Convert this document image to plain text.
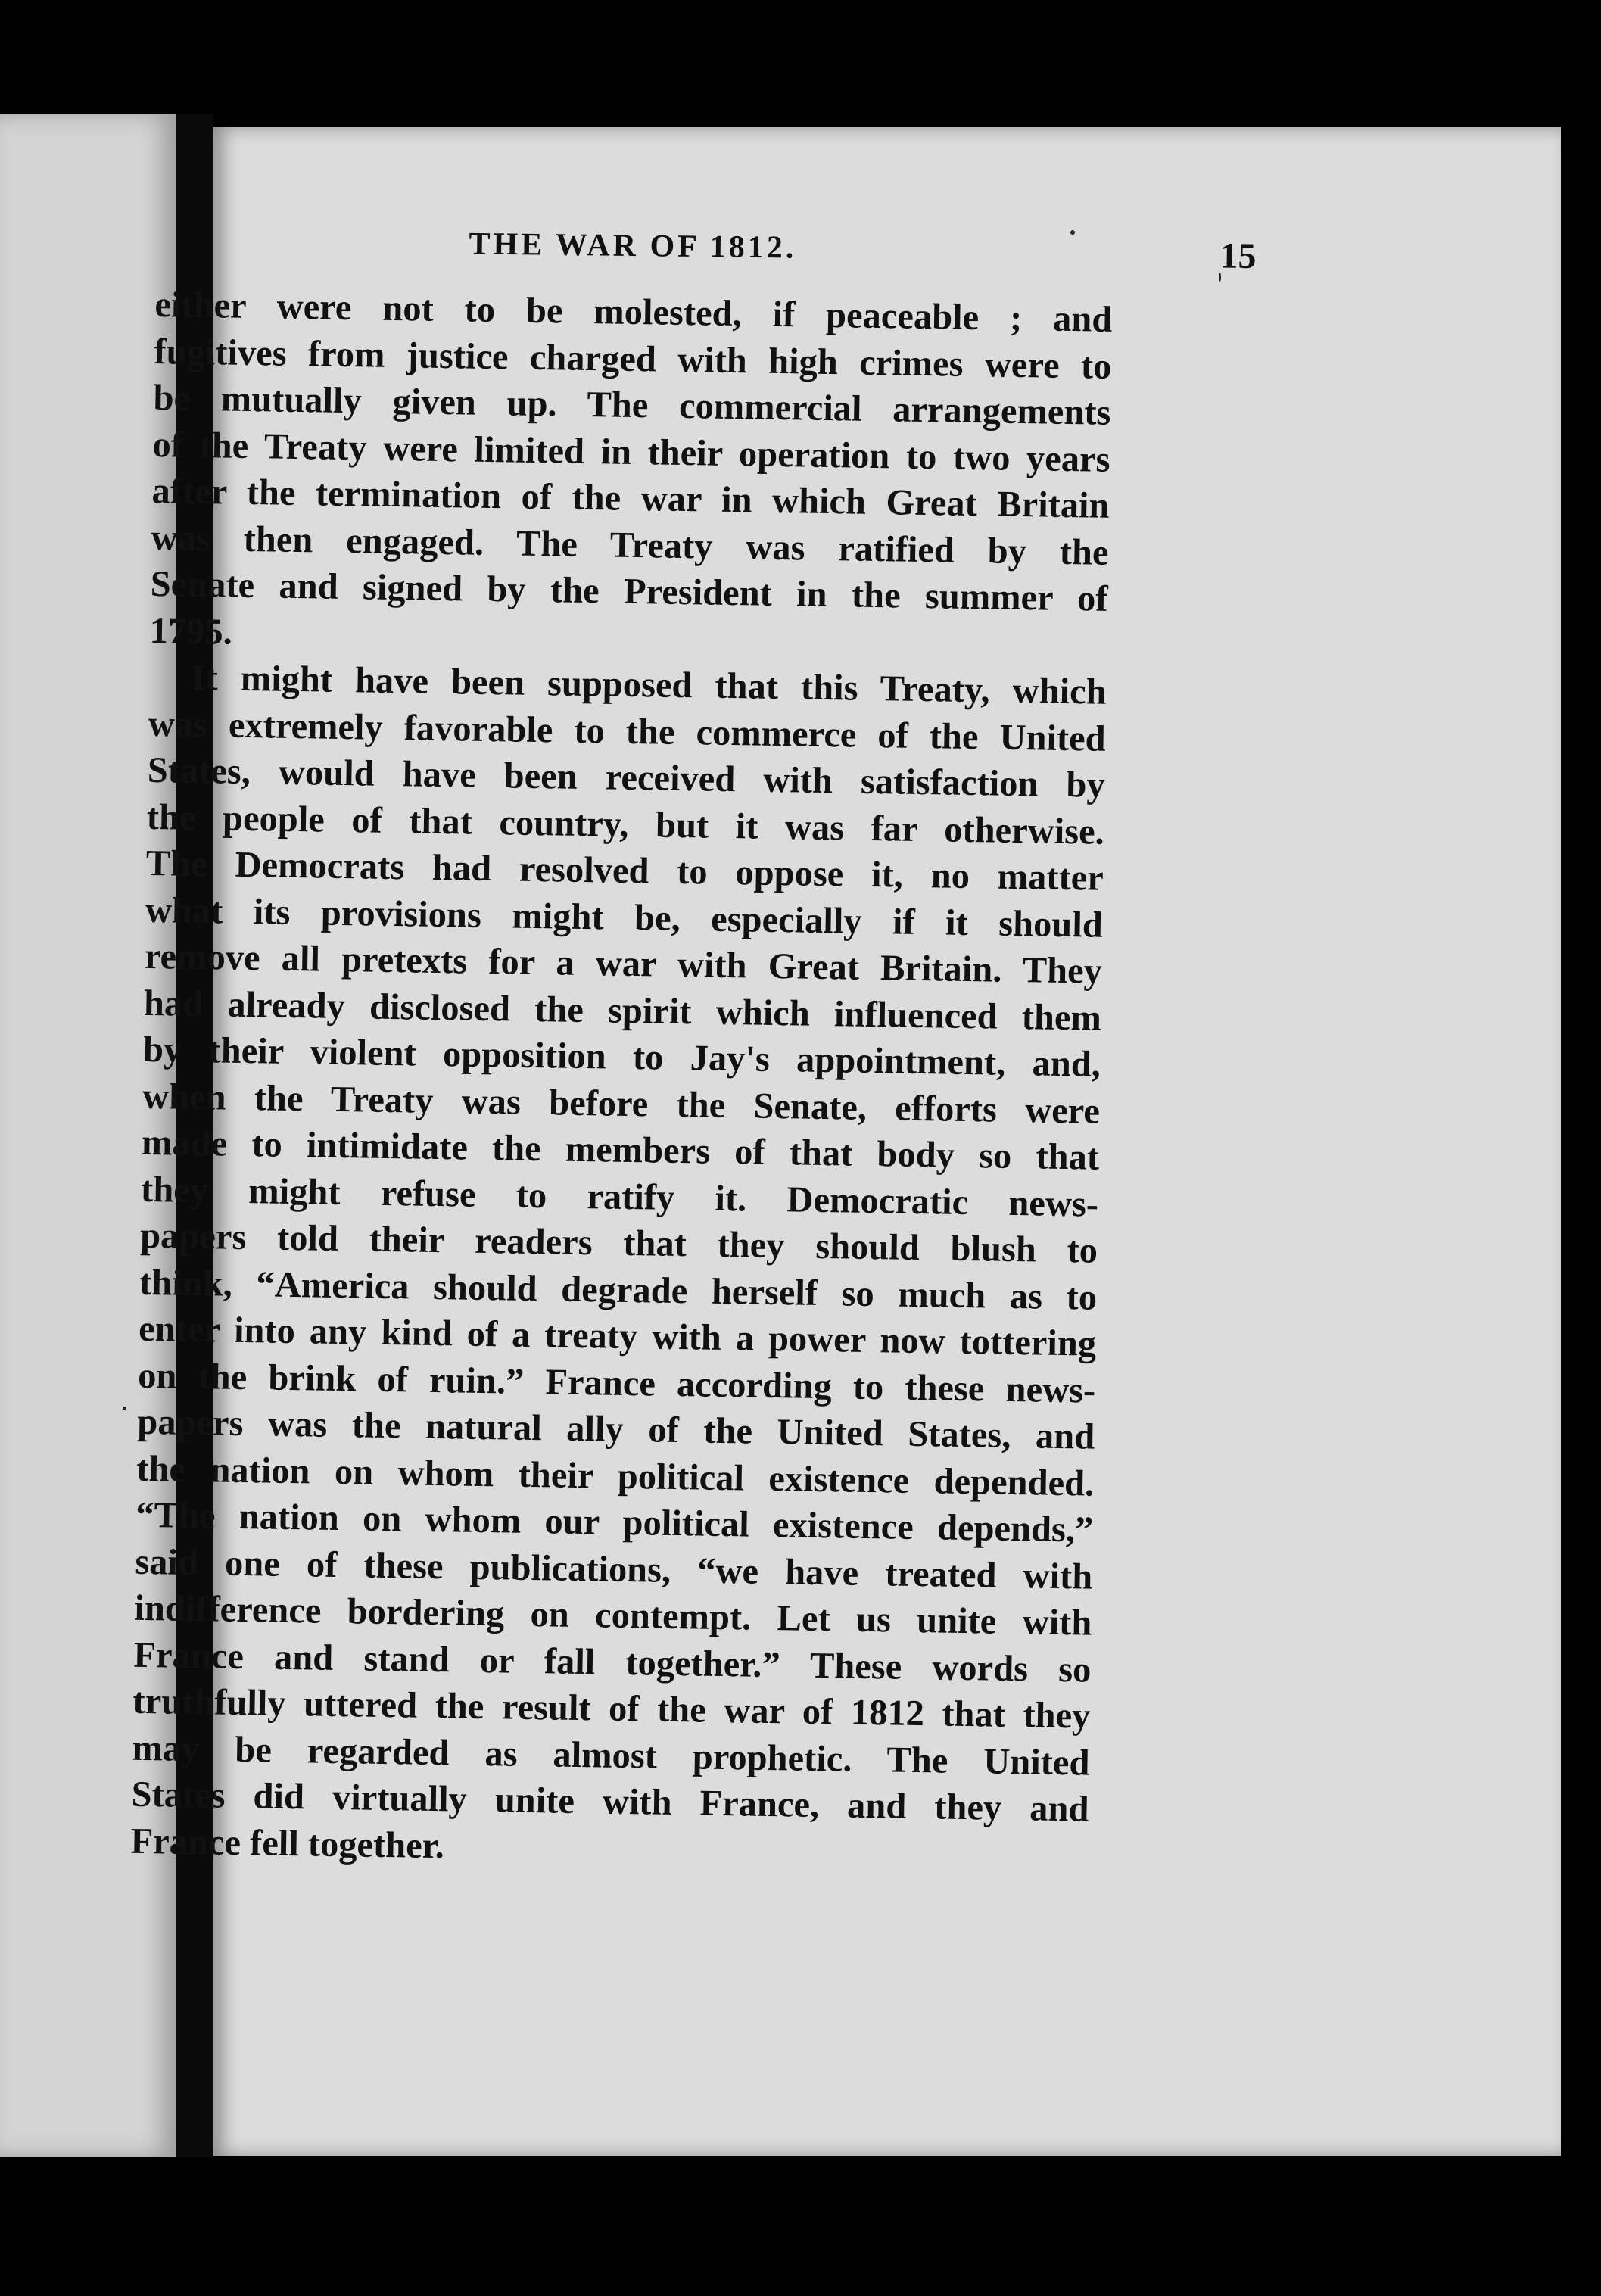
THE WAR OF 1812.	15

either were not to be molested, if peaceable ; and
fugitives from justice charged with high crimes were to
be mutually given up. The commercial arrangements
of the Treaty were limited in their operation to two years
after the termination of the war in which Great Britain
was then engaged. The Treaty was ratified by the
Senate and signed by the President in the summer of
1795.

It might have been supposed that this Treaty, which
was extremely favorable to the commerce of the United
States, would have been received with satisfaction by
the people of that country, but it was far otherwise.
The Democrats had resolved to oppose it, no matter
what its provisions might be, especially if it should
remove all pretexts for a war with Great Britain. They
had already disclosed the spirit which influenced them
by their violent opposition to Jay's appointment, and,
when the Treaty was before the Senate, efforts were
made to intimidate the members of that body so that
they might refuse to ratify it. Democratic news-
papers told their readers that they should blush to
think, “America should degrade herself so much as to
enter into any kind of a treaty with a power now tottering
on the brink of ruin.” France according to these news-
papers was the natural ally of the United States, and
the nation on whom their political existence depended.
“The nation on whom our political existence depends,”
said one of these publications, “we have treated with
indifference bordering on contempt. Let us unite with
France and stand or fall together.” These words so
truthfully uttered the result of the war of 1812 that they
may be regarded as almost prophetic. The United
States did virtually unite with France, and they and
France fell together.
